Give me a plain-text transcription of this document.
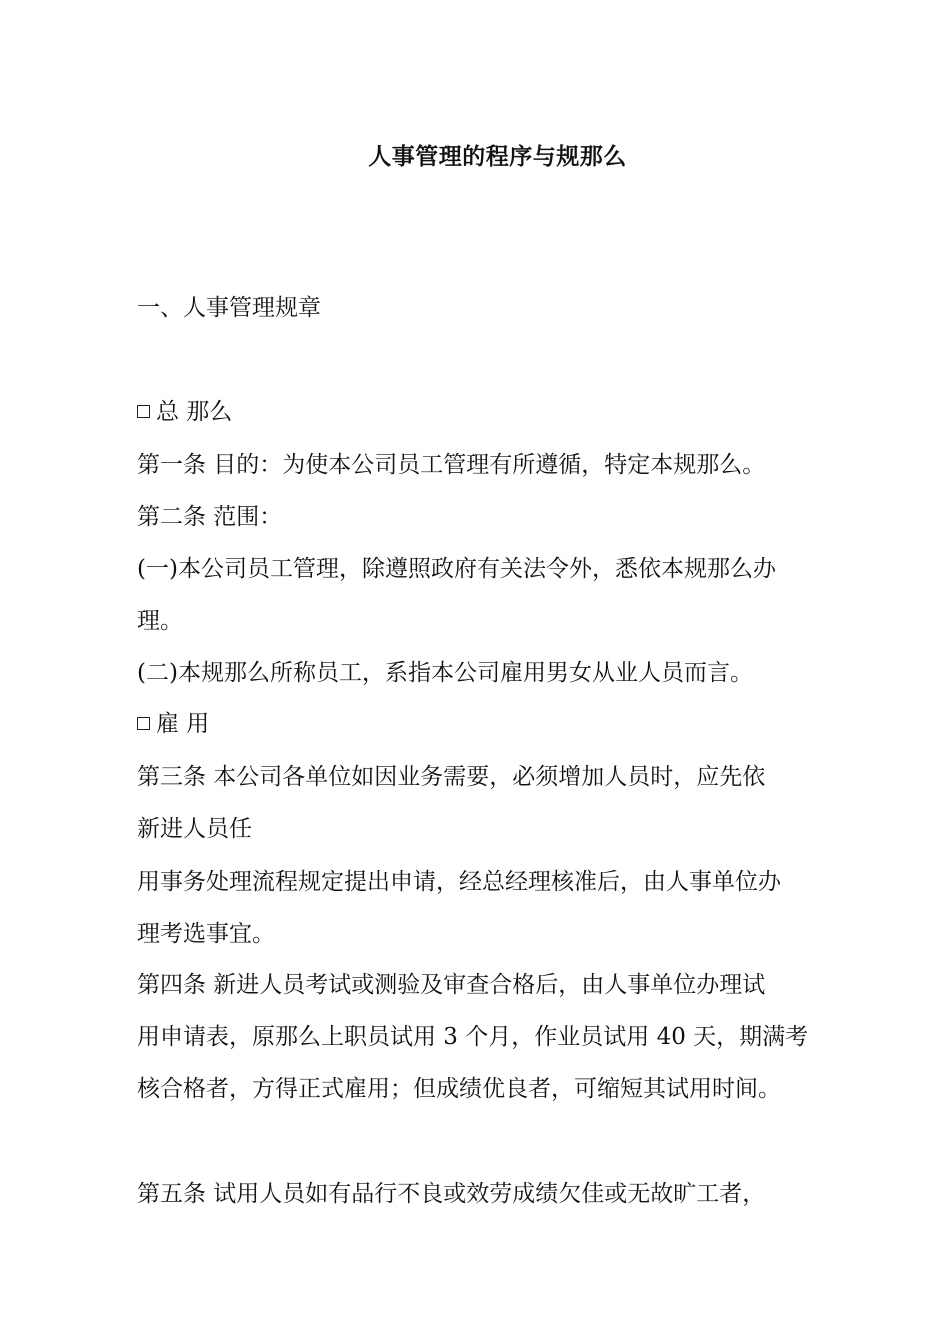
人事管理的程序与规那么

一、人事管理规章

总 那么

第一条 目的：为使本公司员工管理有所遵循，特定本规那么。

第二条 范围：

(一)本公司员工管理，除遵照政府有关法令外，悉依本规那么办

理。

(二)本规那么所称员工，系指本公司雇用男女从业人员而言。

雇 用

第三条 本公司各单位如因业务需要，必须增加人员时，应先依

新进人员任

用事务处理流程规定提出申请，经总经理核准后，由人事单位办

理考选事宜。

第四条 新进人员考试或测验及审查合格后，由人事单位办理试

用申请表，原那么上职员试用 3 个月，作业员试用 40 天，期满考

核合格者，方得正式雇用；但成绩优良者，可缩短其试用时间。

第五条 试用人员如有品行不良或效劳成绩欠佳或无故旷工者，
